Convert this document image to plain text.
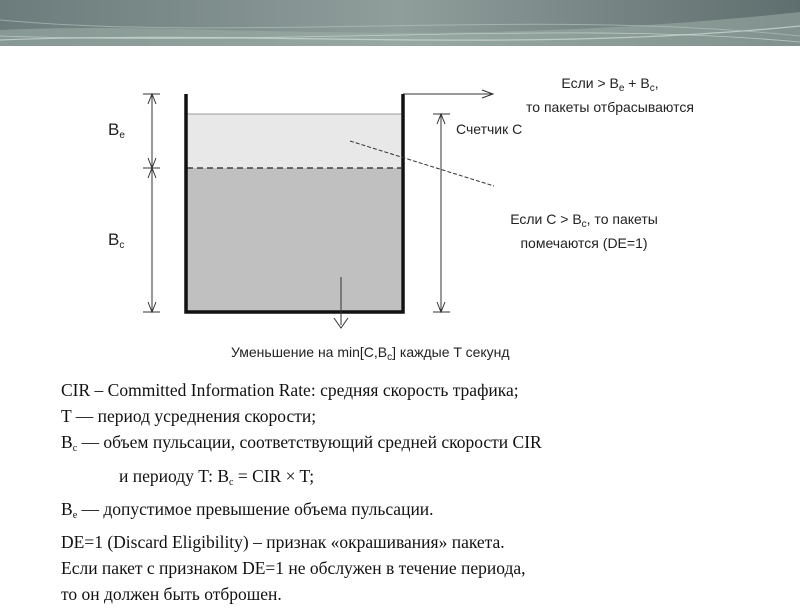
$B_e$
$B_c$
Счетчик С
Если > $B_e + B_c$,
то пакеты отбрасываются
Если $С > B_c$, то пакеты
помечаются (DE=1)
Уменьшение на $\min[C,B_c]$ каждые T секунд

CIR – Committed Information Rate: средняя скорость трафика;

T — период усреднения скорости;

$B_c$ — объем пульсации, соответствующий средней скорости CIR

и периоду T: $B_c$ = CIR × T;

$B_e$ — допустимое превышение объема пульсации.

DE=1 (Discard Eligibility) – признак «окрашивания» пакета.

Если пакет с признаком DE=1 не обслужен в течение периода,

то он должен быть отброшен.
